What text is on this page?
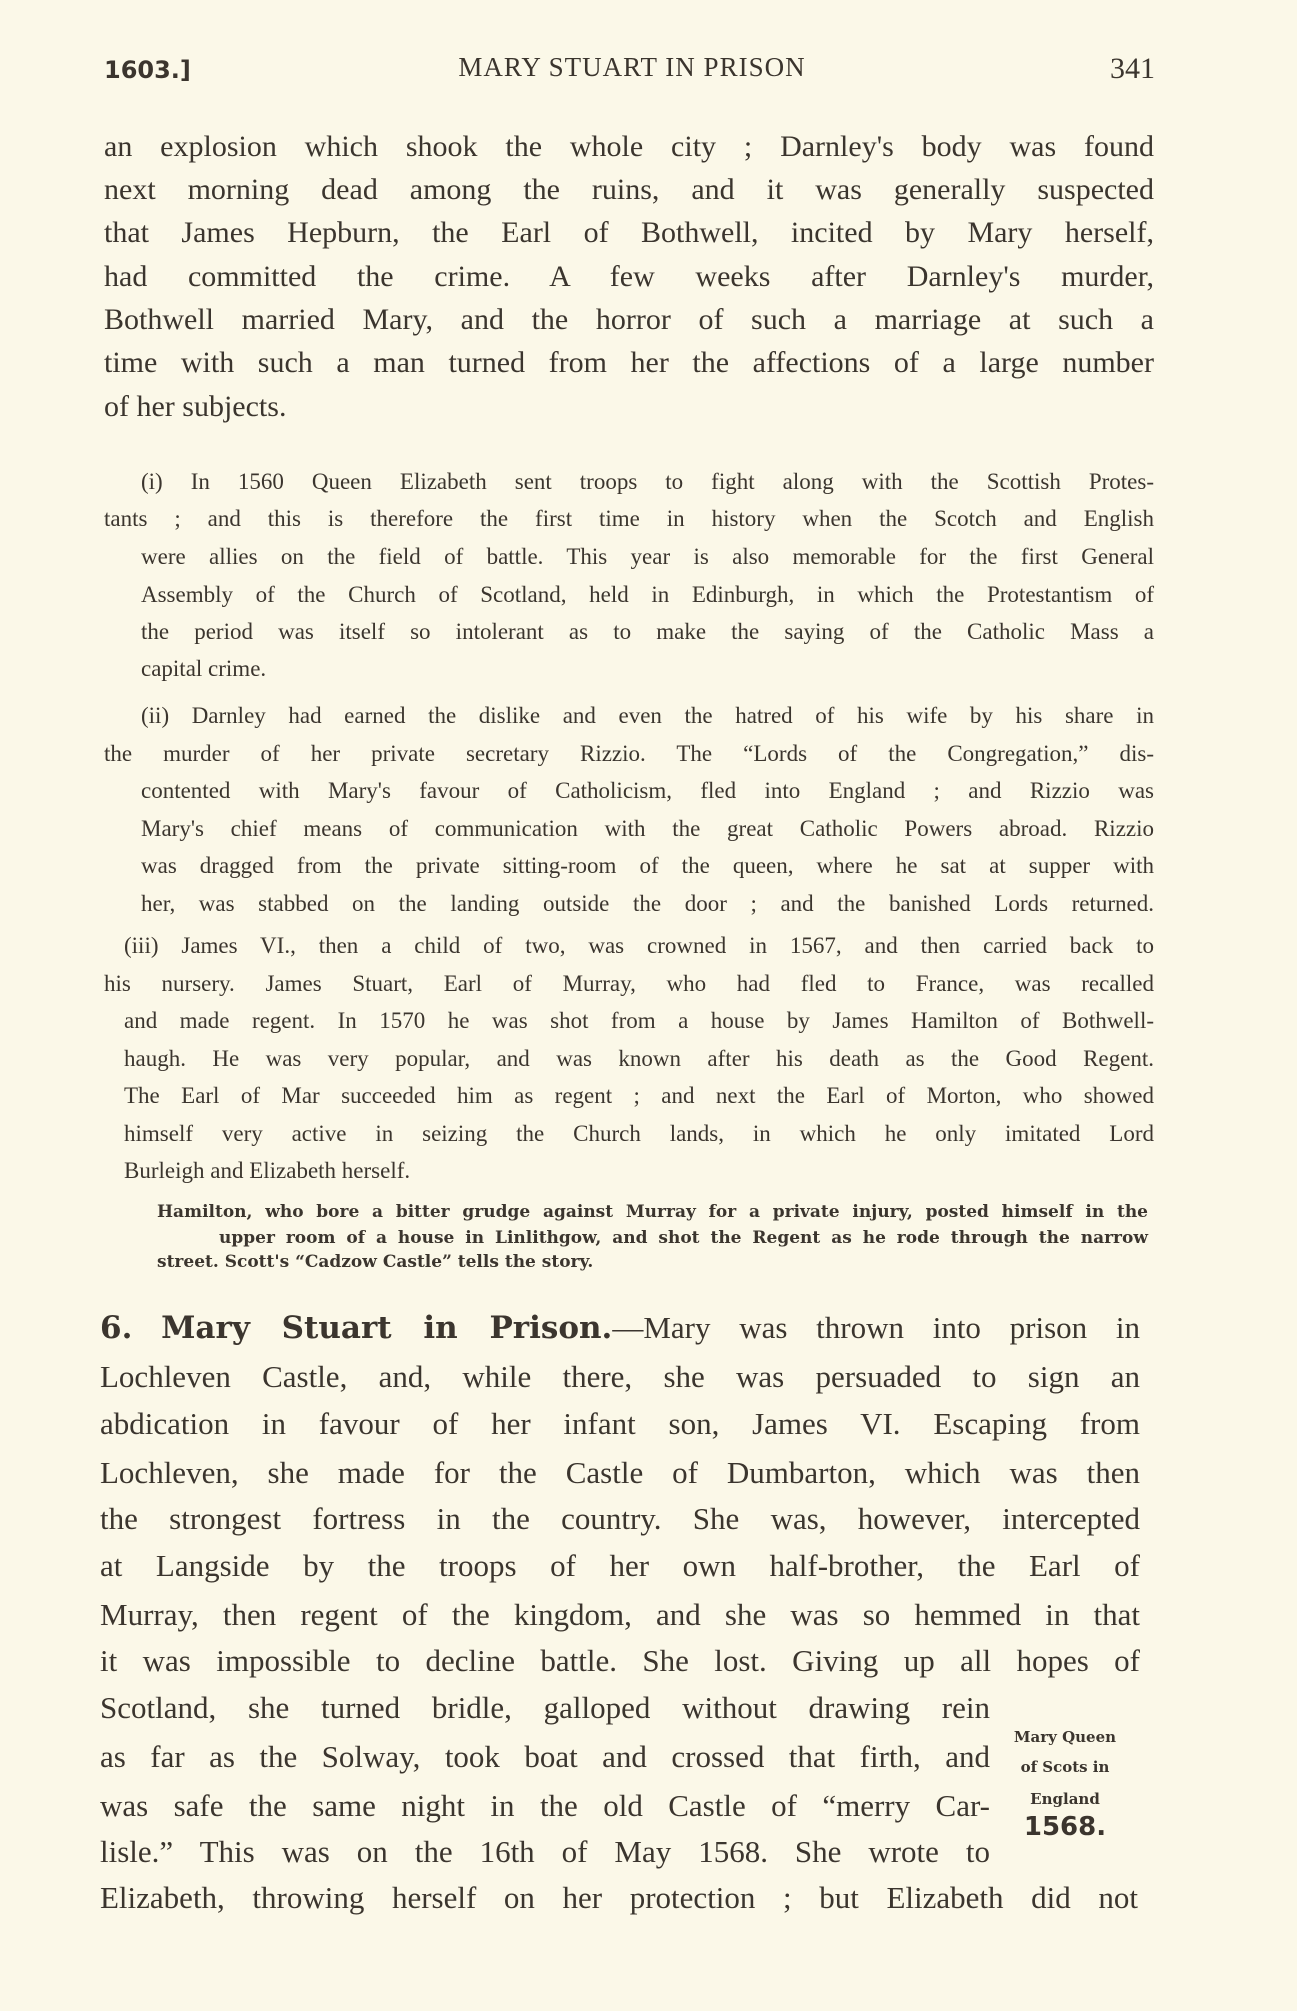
1603.]	MARY STUART IN PRISON	341
an explosion which shook the whole city ; Darnley's body was found
next morning dead among the ruins, and it was generally suspected
that James Hepburn, the Earl of Bothwell, incited by Mary herself,
had committed the crime. A few weeks after Darnley's murder,
Bothwell married Mary, and the horror of such a marriage at such a
time with such a man turned from her the affections of a large number
of her subjects.
(i) In 1560 Queen Elizabeth sent troops to fight along with the Scottish Protes-
tants ; and this is therefore the first time in history when the Scotch and English
were allies on the field of battle. This year is also memorable for the first General
Assembly of the Church of Scotland, held in Edinburgh, in which the Protestantism of
the period was itself so intolerant as to make the saying of the Catholic Mass a
capital crime.
(ii) Darnley had earned the dislike and even the hatred of his wife by his share in
the murder of her private secretary Rizzio. The “Lords of the Congregation,” dis-
contented with Mary's favour of Catholicism, fled into England ; and Rizzio was
Mary's chief means of communication with the great Catholic Powers abroad. Rizzio
was dragged from the private sitting-room of the queen, where he sat at supper with
her, was stabbed on the landing outside the door ; and the banished Lords returned.
(iii) James VI., then a child of two, was crowned in 1567, and then carried back to
his nursery. James Stuart, Earl of Murray, who had fled to France, was recalled
and made regent. In 1570 he was shot from a house by James Hamilton of Bothwell-
haugh. He was very popular, and was known after his death as the Good Regent.
The Earl of Mar succeeded him as regent ; and next the Earl of Morton, who showed
himself very active in seizing the Church lands, in which he only imitated Lord
Burleigh and Elizabeth herself.
Hamilton, who bore a bitter grudge against Murray for a private injury, posted himself in the
upper room of a house in Linlithgow, and shot the Regent as he rode through the narrow
street. Scott's “Cadzow Castle” tells the story.
6. Mary Stuart in Prison.—Mary was thrown into prison in
Lochleven Castle, and, while there, she was persuaded to sign an
abdication in favour of her infant son, James VI. Escaping from
Lochleven, she made for the Castle of Dumbarton, which was then
the strongest fortress in the country. She was, however, intercepted
at Langside by the troops of her own half-brother, the Earl of
Murray, then regent of the kingdom, and she was so hemmed in that
it was impossible to decline battle. She lost. Giving up all hopes of
Scotland, she turned bridle, galloped without drawing rein
as far as the Solway, took boat and crossed that firth, and
was safe the same night in the old Castle of “merry Car-
lisle.” This was on the 16th of May 1568. She wrote to
Elizabeth, throwing herself on her protection ; but Elizabeth did not
Mary Queen
of Scots in
England
1568.
